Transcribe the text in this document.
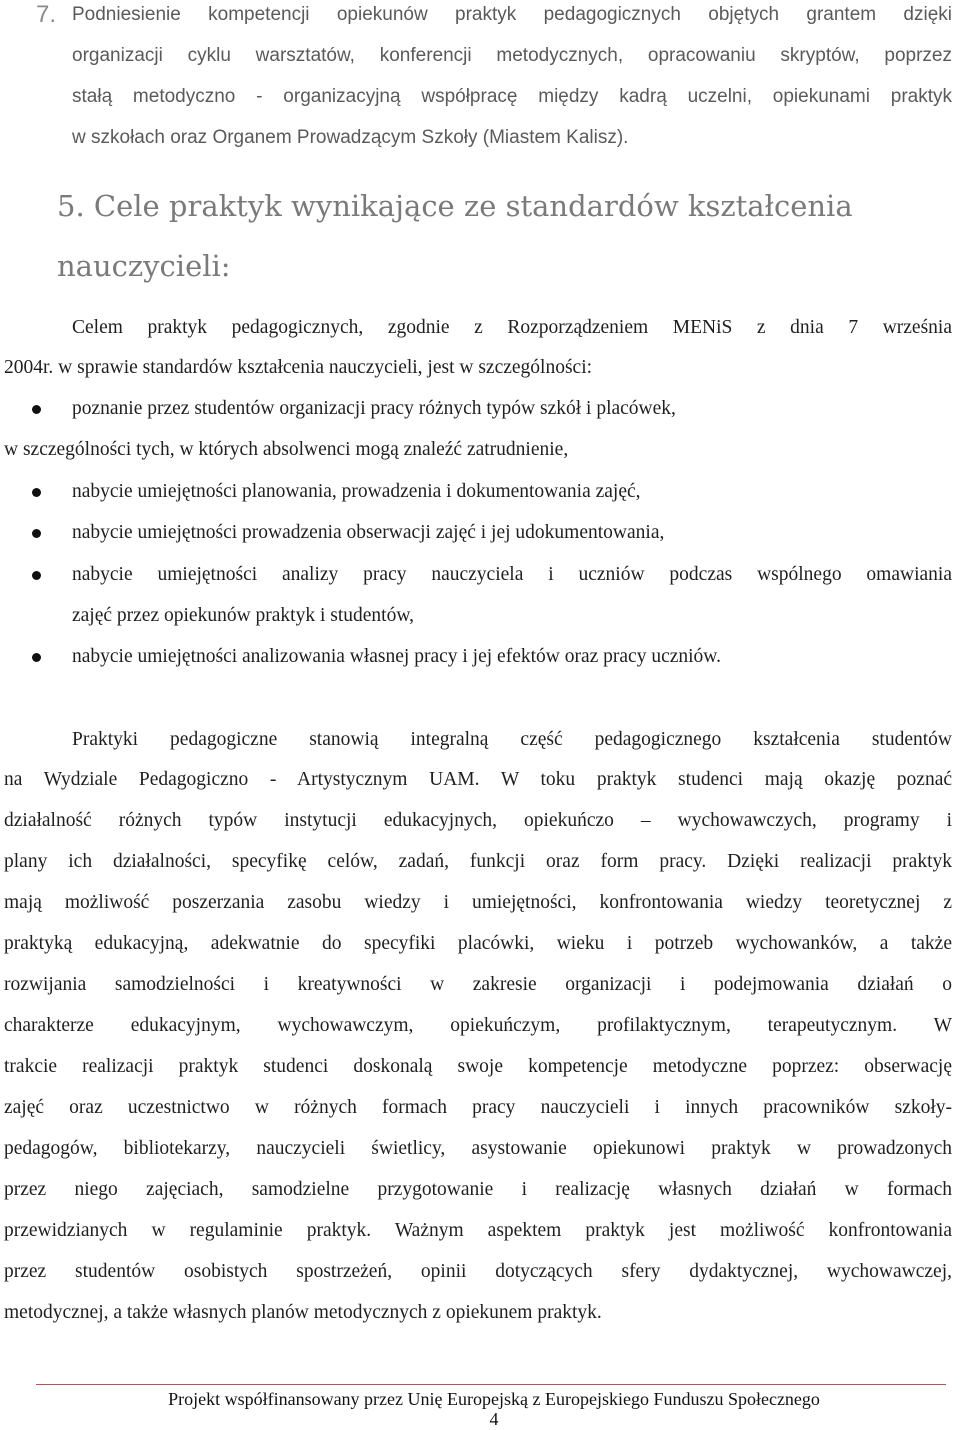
7. Podniesienie kompetencji opiekunów praktyk pedagogicznych objętych grantem dzięki
organizacji cyklu warsztatów, konferencji metodycznych, opracowaniu skryptów, poprzez
stałą metodyczno - organizacyjną współpracę między kadrą uczelni, opiekunami praktyk
w szkołach oraz Organem Prowadzącym Szkoły (Miastem Kalisz).
5. Cele praktyk wynikające ze standardów kształcenia
nauczycieli:
Celem praktyk pedagogicznych, zgodnie z Rozporządzeniem MENiS z dnia 7 września
2004r. w sprawie standardów kształcenia nauczycieli, jest w szczególności:
poznanie przez studentów organizacji pracy różnych typów szkół i placówek,
w szczególności tych, w których absolwenci mogą znaleźć zatrudnienie,
nabycie umiejętności planowania, prowadzenia i dokumentowania zajęć,
nabycie umiejętności prowadzenia obserwacji zajęć i jej udokumentowania,
nabycie umiejętności analizy pracy nauczyciela i uczniów podczas wspólnego omawiania
zajęć przez opiekunów praktyk i studentów,
nabycie umiejętności analizowania własnej pracy i jej efektów oraz pracy uczniów.
Praktyki pedagogiczne stanowią integralną część pedagogicznego kształcenia studentów
na Wydziale Pedagogiczno - Artystycznym UAM. W toku praktyk studenci mają okazję poznać
działalność różnych typów instytucji edukacyjnych, opiekuńczo – wychowawczych, programy i
plany ich działalności, specyfikę celów, zadań, funkcji oraz form pracy. Dzięki realizacji praktyk
mają możliwość poszerzania zasobu wiedzy i umiejętności, konfrontowania wiedzy teoretycznej z
praktyką edukacyjną, adekwatnie do specyfiki placówki, wieku i potrzeb wychowanków, a także
rozwijania samodzielności i kreatywności w zakresie organizacji i podejmowania działań o
charakterze edukacyjnym, wychowawczym, opiekuńczym, profilaktycznym, terapeutycznym. W
trakcie realizacji praktyk studenci doskonalą swoje kompetencje metodyczne poprzez: obserwację
zajęć oraz uczestnictwo w różnych formach pracy nauczycieli i innych pracowników szkoły-
pedagogów, bibliotekarzy, nauczycieli świetlicy, asystowanie opiekunowi praktyk w prowadzonych
przez niego zajęciach, samodzielne przygotowanie i realizację własnych działań w formach
przewidzianych w regulaminie praktyk. Ważnym aspektem praktyk jest możliwość konfrontowania
przez studentów osobistych spostrzeżeń, opinii dotyczących sfery dydaktycznej, wychowawczej,
metodycznej, a także własnych planów metodycznych z opiekunem praktyk.
Projekt współfinansowany przez Unię Europejską z Europejskiego Funduszu Społecznego
4
